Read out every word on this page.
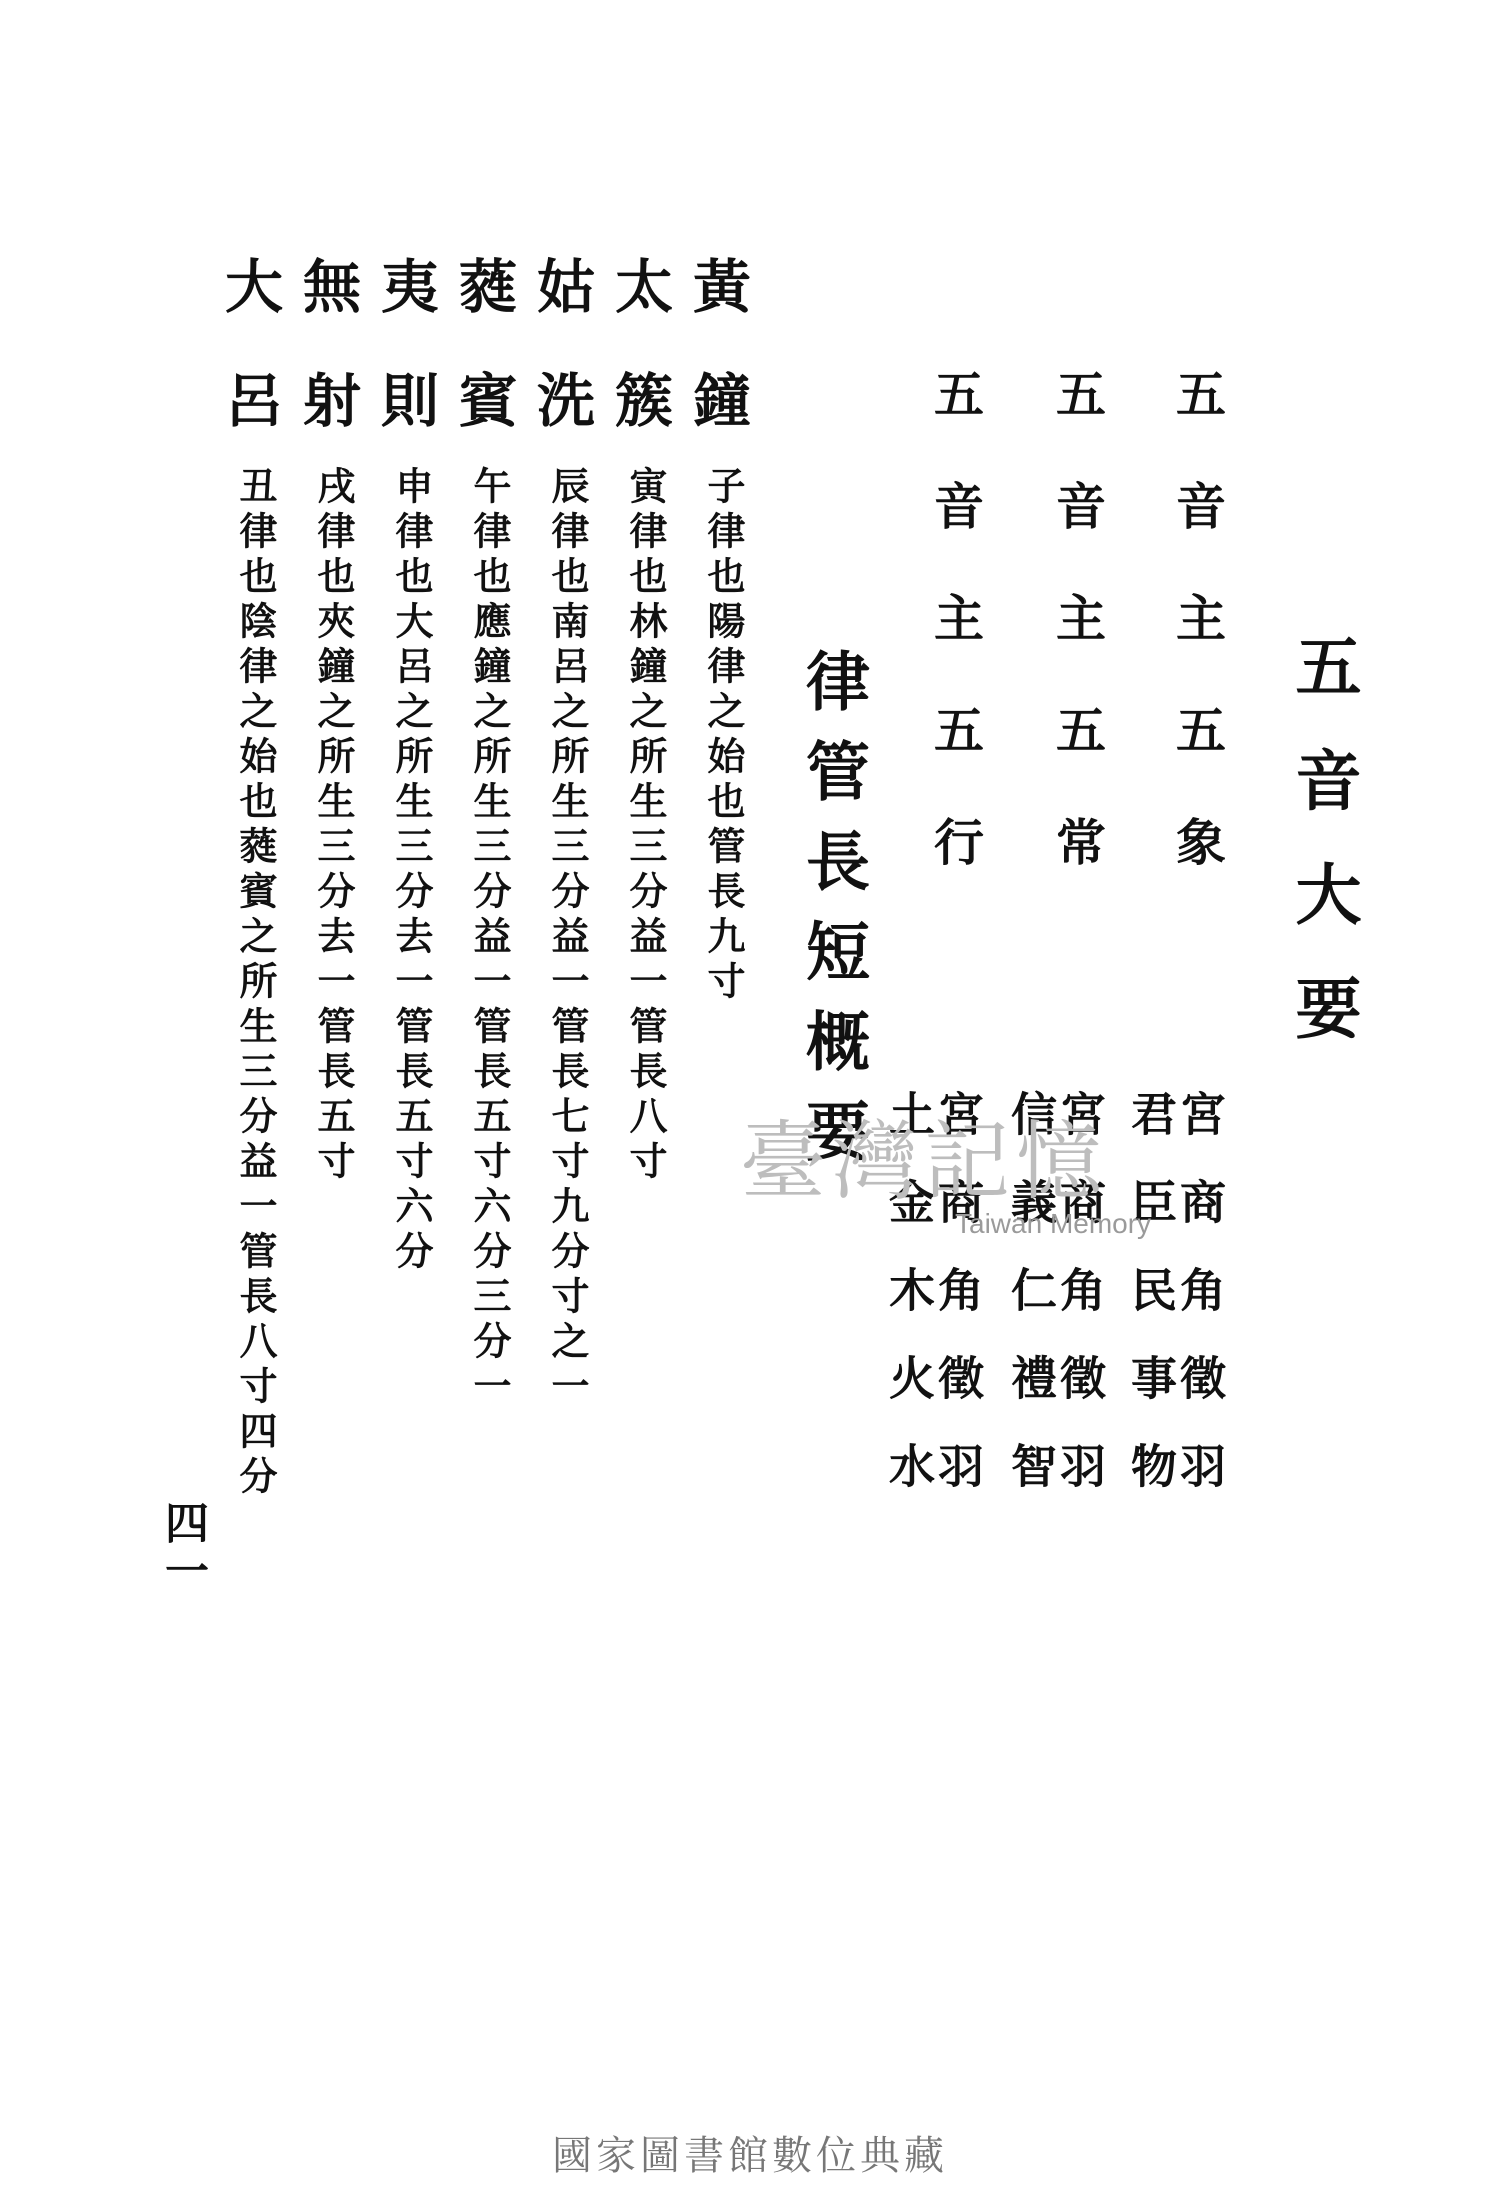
五音大要
五音主五象
宮商角徵羽
君臣民事物
五音主五常
宮商角徵羽
信義仁禮智
五音主五行
宮商角徵羽
土金木火水
律管長短概要
黃鐘
子律也陽律之始也管長九寸
太簇
寅律也林鐘之所生三分益一管長八寸
姑洗
辰律也南呂之所生三分益一管長七寸九分寸之一
蕤賓
午律也應鐘之所生三分益一管長五寸六分三分一
夷則
申律也大呂之所生三分去一管長五寸六分
無射
戌律也夾鐘之所生三分去一管長五寸
大呂
丑律也陰律之始也蕤賓之所生三分益一管長八寸四分
四一
臺灣記憶
Taiwan Memory
國家圖書館數位典藏
